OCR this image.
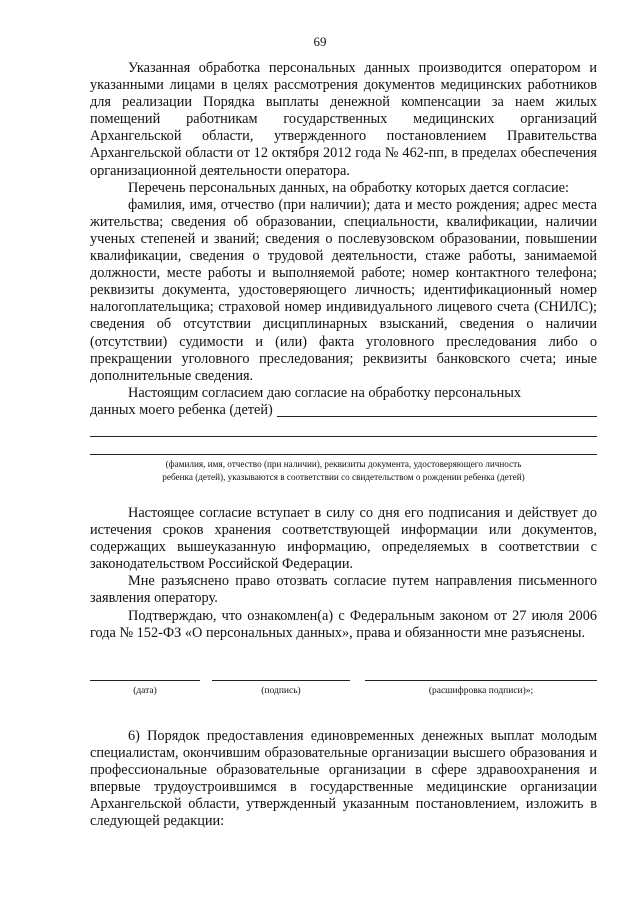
69

Указанная обработка персональных данных производится оператором и указанными лицами в целях рассмотрения документов медицинских работников для реализации Порядка выплаты денежной компенсации за наем жилых помещений работникам государственных медицинских организаций Архангельской области, утвержденного постановлением Правительства Архангельской области от 12 октября 2012 года № 462-пп, в пределах обеспечения организационной деятельности оператора.

Перечень персональных данных, на обработку которых дается согласие:

фамилия, имя, отчество (при наличии); дата и место рождения; адрес места жительства; сведения об образовании, специальности, квалификации, наличии ученых степеней и званий; сведения о послевузовском образовании, повышении квалификации, сведения о трудовой деятельности, стаже работы, занимаемой должности, месте работы и выполняемой работе; номер контактного телефона; реквизиты документа, удостоверяющего личность; идентификационный номер налогоплательщика; страховой номер индивидуального лицевого счета (СНИЛС); сведения об отсутствии дисциплинарных взысканий, сведения о наличии (отсутствии) судимости и (или) факта уголовного преследования либо о прекращении уголовного преследования; реквизиты банковского счета; иные дополнительные сведения.

Настоящим согласием даю согласие на обработку персональных

данных моего ребенка (детей)
(фамилия, имя, отчество (при наличии), реквизиты документа, удостоверяющего личность
ребенка (детей), указываются в соответствии со свидетельством о рождении ребенка (детей)

Настоящее согласие вступает в силу со дня его подписания и действует до истечения сроков хранения соответствующей информации или документов, содержащих вышеуказанную информацию, определяемых в соответствии с законодательством Российской Федерации.

Мне разъяснено право отозвать согласие путем направления письменного заявления оператору.

Подтверждаю, что ознакомлен(а) с Федеральным законом от 27 июля 2006 года № 152-ФЗ «О персональных данных», права и обязанности мне разъяснены.

(дата)	(подпись)	(расшифровка подписи)»;

6) Порядок предоставления единовременных денежных выплат молодым специалистам, окончившим образовательные организации высшего образования и профессиональные образовательные организации в сфере здравоохранения и впервые трудоустроившимся в государственные медицинские организации Архангельской области, утвержденный указанным постановлением, изложить в следующей редакции:
